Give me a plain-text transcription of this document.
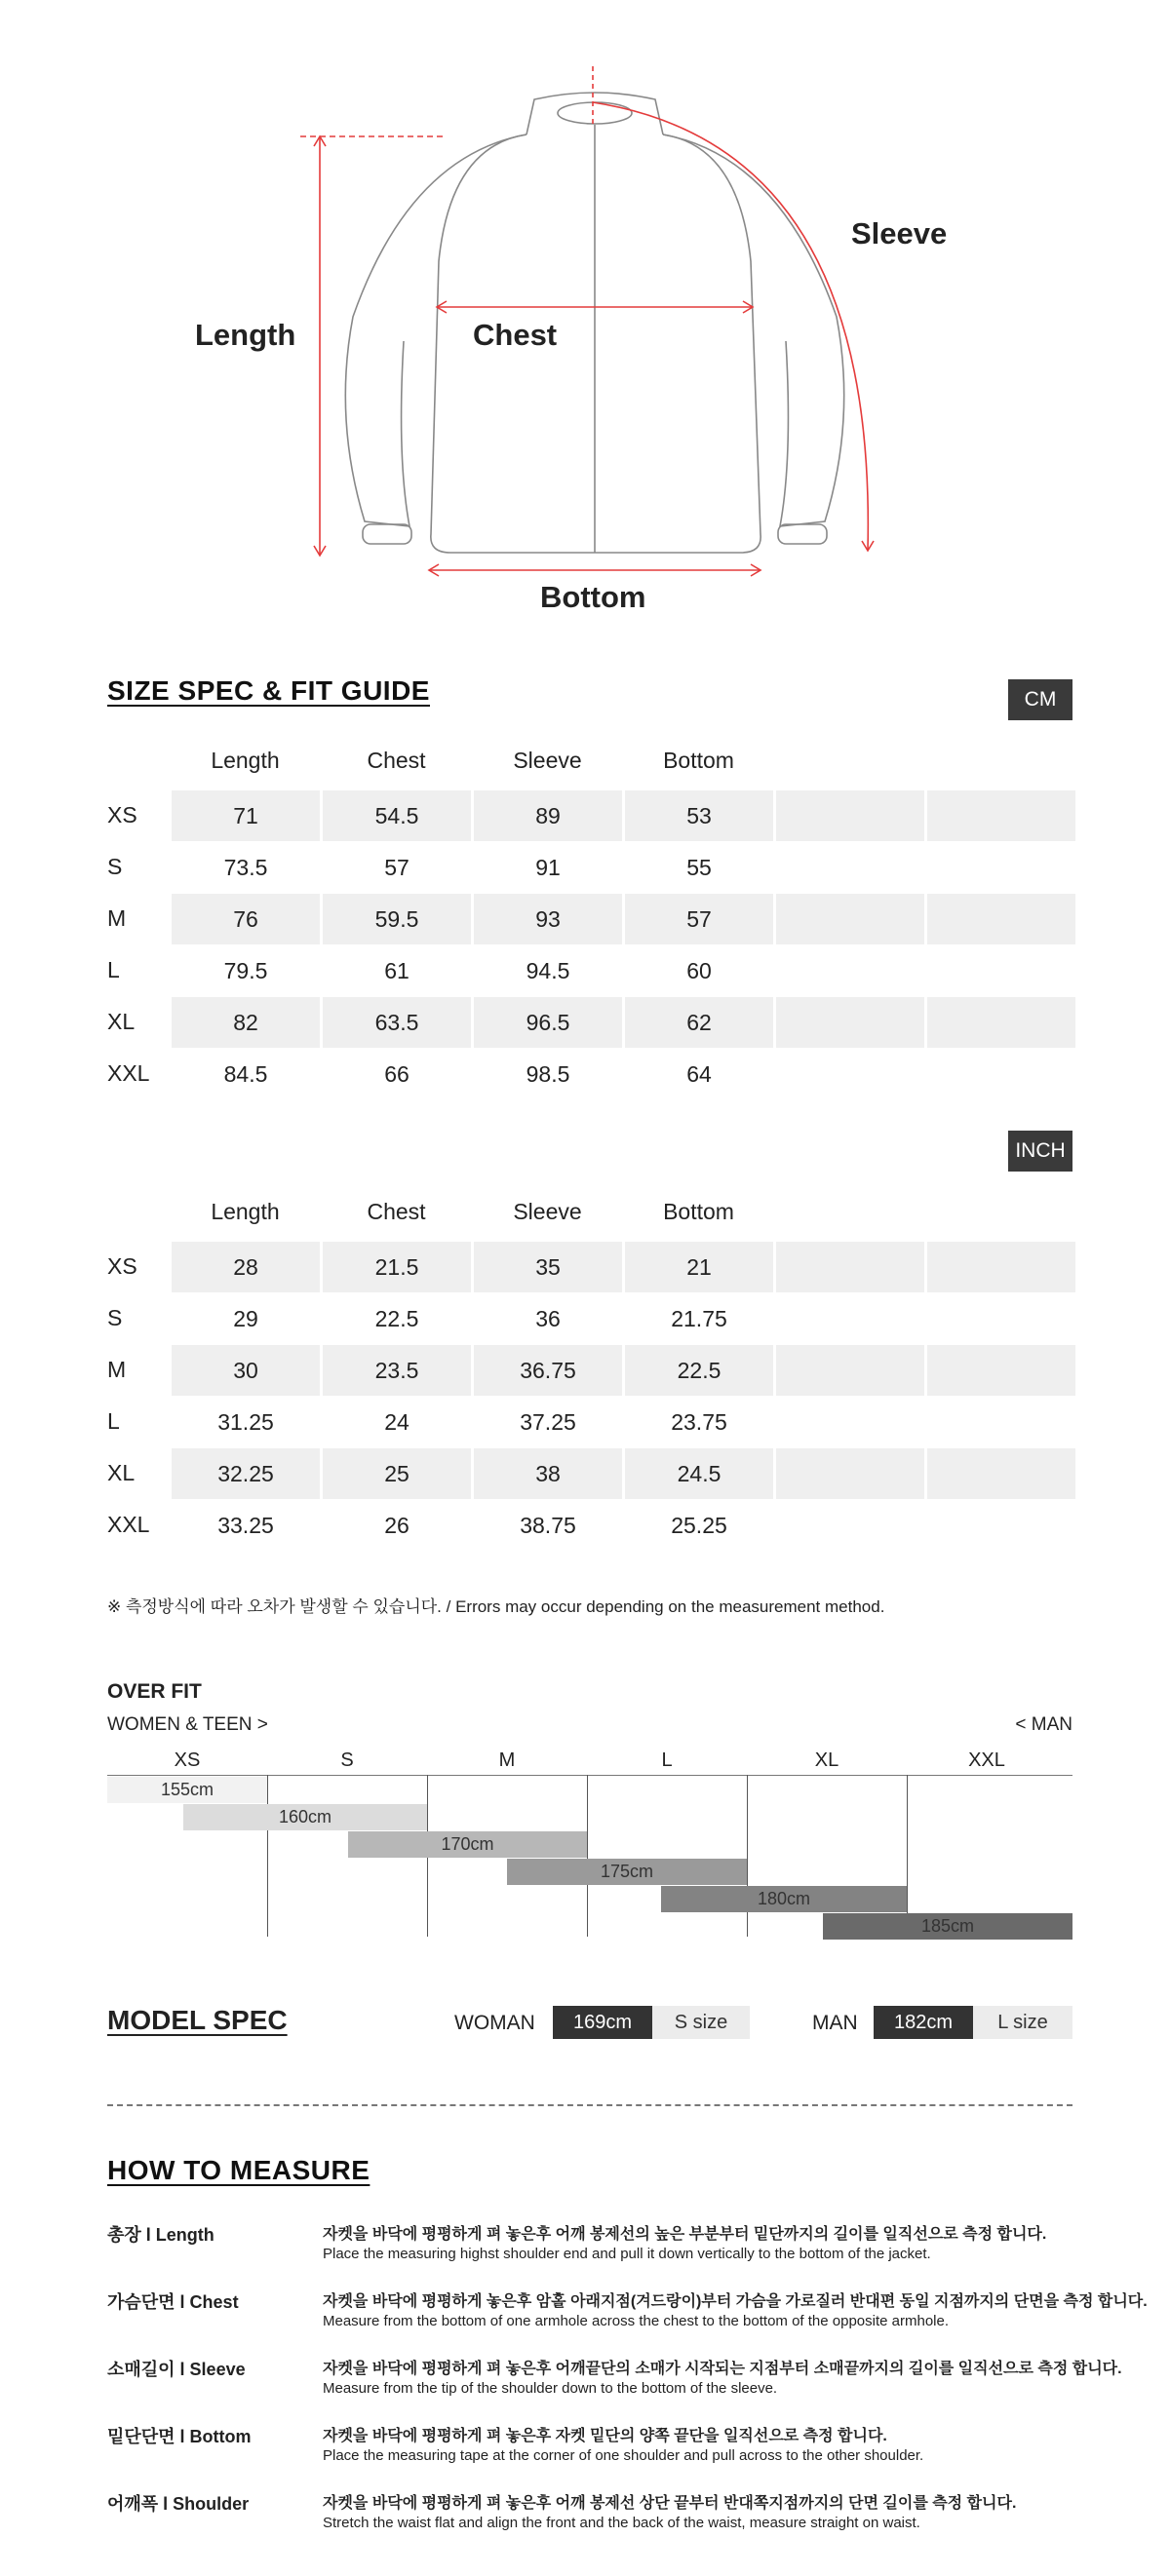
Length	Chest
Sleeve
Bottom
SIZE SPEC & FIT GUIDE	CM
Length	Chest	Sleeve	Bottom
XS	71	54.5	89	53
S	73.5	57	91	55
M	76	59.5	93	57
L	79.5	61	94.5	60
XL	82	63.5	96.5	62
XXL	84.5	66	98.5	64
INCH
Length	Chest	Sleeve	Bottom
XS	28	21.5	35	21
S	29	22.5	36	21.75
M	30	23.5	36.75	22.5
L	31.25	24	37.25	23.75
XL	32.25	25	38	24.5
XXL	33.25	26	38.75	25.25
※ 측정방식에 따라 오차가 발생할 수 있습니다. / Errors may occur depending on the measurement method.
OVER FIT
WOMEN & TEEN >	< MAN
XS	S	M	L	XL	XXL
155cm
160cm
170cm
175cm
180cm
185cm
MODEL SPEC	WOMAN	169cm	S size	MAN	182cm	L size
HOW TO MEASURE
총장 l Length	자켓을 바닥에 평평하게 펴 놓은후 어깨 봉제선의 높은 부분부터 밑단까지의 길이를 일직선으로 측정 합니다.
Place the measuring highst shoulder end and pull it down vertically to the bottom of the jacket.
가슴단면 l Chest	자켓을 바닥에 평평하게 놓은후 암홀 아래지점(겨드랑이)부터 가슴을 가로질러 반대편 동일 지점까지의 단면을 측정 합니다.
Measure from the bottom of one armhole across the chest to the bottom of the opposite armhole.
소매길이 l Sleeve	자켓을 바닥에 평평하게 펴 놓은후 어깨끝단의 소매가 시작되는 지점부터 소매끝까지의 길이를 일직선으로 측정 합니다.
Measure from the tip of the shoulder down to the bottom of the sleeve.
밑단단면 l Bottom	자켓을 바닥에 평평하게 펴 놓은후 자켓 밑단의 양쪽 끝단을 일직선으로 측정 합니다.
Place the measuring tape at the corner of one shoulder and pull across to the other shoulder.
어깨폭 l Shoulder	자켓을 바닥에 평평하게 펴 놓은후 어깨 봉제선 상단 끝부터 반대쪽지점까지의 단면 길이를 측정 합니다.
Stretch the waist flat and align the front and the back of the waist, measure straight on waist.
